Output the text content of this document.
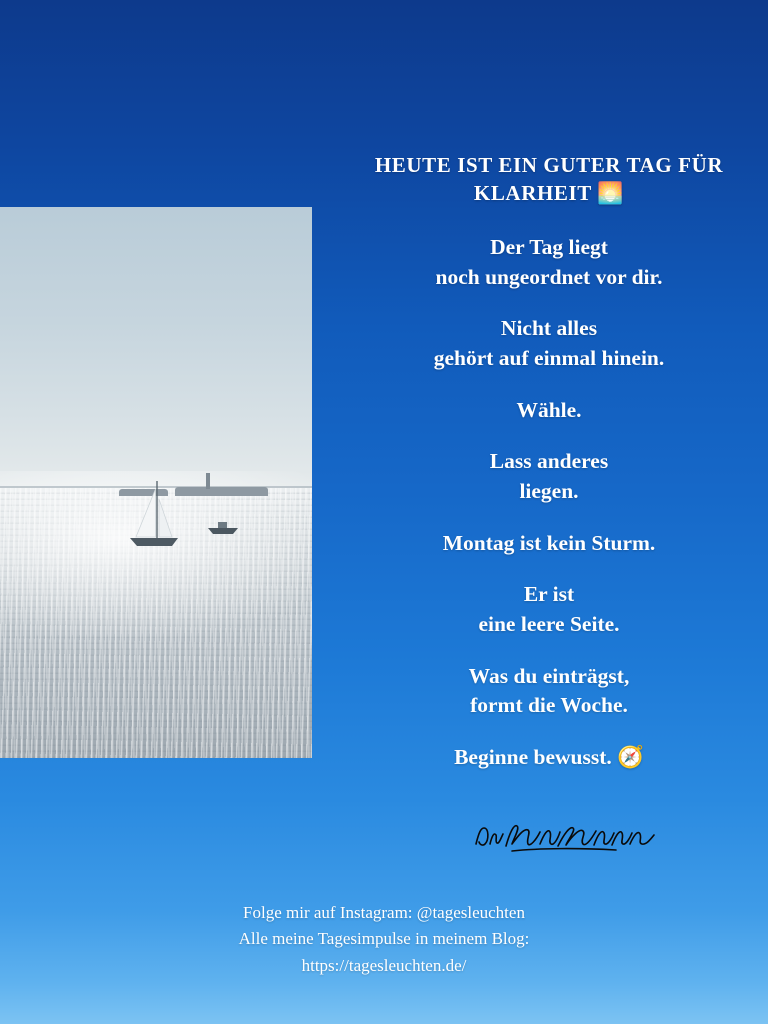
HEUTE IST EIN GUTER TAG FÜR KLARHEIT 🌅

Der Tag liegt
noch ungeordnet vor dir.

Nicht alles
gehört auf einmal hinein.

Wähle.

Lass anderes
liegen.

Montag ist kein Sturm.

Er ist
eine leere Seite.

Was du einträgst,
formt die Woche.

Beginne bewusst. 🧭

Folge mir auf Instagram: @tagesleuchten
Alle meine Tagesimpulse in meinem Blog:
https://tagesleuchten.de/
